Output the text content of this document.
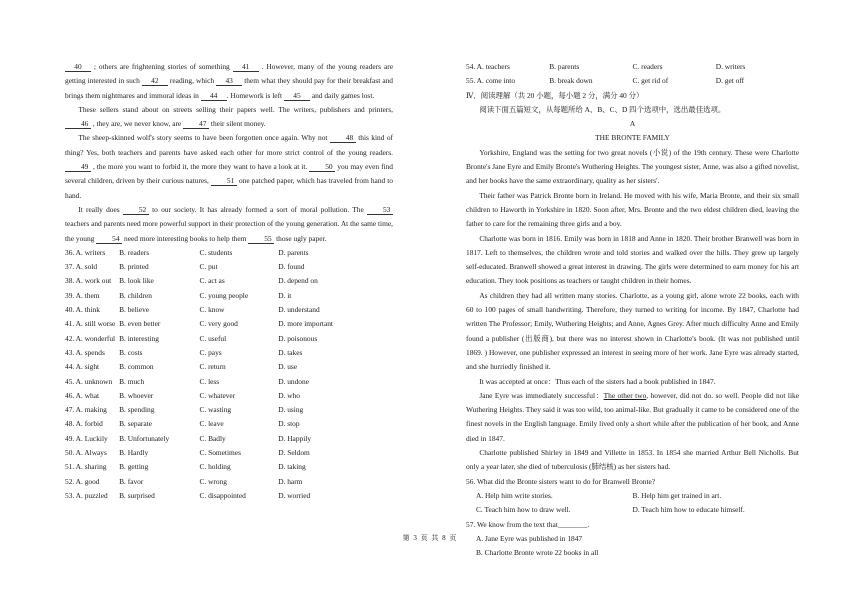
40 ; others are frightening stories of something 41 . However, many of the young readers are getting interested in such 42 reading, which 43 them what they should pay for their breakfast and brings them nightmares and immoral ideas in 44 . Homework is left 45 and daily games lost.

These sellers stand about on streets selling their papers well. The writers, publishers and printers, 46 , they are, we never know, are 47 their silent money.

The sheep-skinned wolf's story seems to have been forgotten once again. Why not 48 this kind of thing? Yes, both teachers and parents have asked each other for more strict control of the young readers. 49 , the more you want to forbid it, the more they want to have a look at it. 50 you may even find several children, driven by their curious natures, 51 one patched paper, which has traveled from hand to hand.

It really does 52 to our society. It has already formed a sort of moral pollution. The 53 teachers and parents need more powerful support in their protection of the young generation. At the same time, the young 54 need more interesting books to help them 55 those ugly paper.

36. A. writers	B. readers	C. students	D. parents
37. A. sold	B. printed	C. put	D. found
38. A. work out	B. look like	C. act as	D. depend on
39. A. them	B. children	C. young people	D. it
40. A. think	B. believe	C. know	D. understand
41. A. still worse B. even better	C. very good	D. more important
42. A. wonderful B. interesting	C. useful	D. poisonous
43. A. spends	B. costs	C. pays	D. takes
44. A. sight	B. common	C. return	D. use
45. A. unknown B. much	C. less	D. undone
46. A. what	B. whoever	C. whatever	D. who
47. A. making	B. spending	C. wasting	D. using
48. A. forbid	B. separate	C. leave	D. stop
49. A. Luckily	B. Unfortunately	C. Badly	D. Happily
50. A. Always	B. Hardly	C. Sometimes	D. Seldom
51. A. sharing	B. getting	C. holding	D. taking
52. A. good	B. favor	C. wrong	D. harm
53. A. puzzled	B. surprised	C. disappointed	D. worried
54. A. teachers	B. parents	C. readers	D. writers
55. A. come into	B. break down	C. get rid of	D. get off

Ⅳ．阅读理解（共 20 小题，每小题 2 分，满分 40 分）

阅读下面五篇短文，从每题所给 A、B、C、D 四个选项中，选出最佳选项。

A

THE BRONTE FAMILY

Yorkshire, England was the setting for two great novels (小说) of the 19th century. These were Charlotte Bronte's Jane Eyre and Emily Bronte's Wuthering Heights. The youngest sister, Anne, was also a gifted novelist, and her books have the same extraordinary, quality as her sisters'.

Their father was Patrick Bronte born in Ireland. He moved with his wife, Maria Bronte, and their six small children to Haworth in Yorkshire in 1820. Soon after, Mrs. Bronte and the two eldest children died, leaving the father to care for the remaining three girls and a boy.

Charlotte was born in 1816. Emily was born in 1818 and Anne in 1820. Their brother Branwell was born in 1817. Left to themselves, the children wrote and told stories and walked over the hills. They grew up largely self-educated. Branwell showed a great interest in drawing. The girls were determined to earn money for his art education. They took positions as teachers or taught children in their homes.

As children they had all written many stories. Charlotte, as a young girl, alone wrote 22 books, each with 60 to 100 pages of small handwriting. Therefore, they turned to writing for income. By 1847, Charlotte had written The Professor; Emily, Wuthering Heights; and Anne, Agnes Grey. After much difficulty Anne and Emily found a publisher (出版商), but there was no interest shown in Charlotte's book. (It was not published until 1869. ) However, one publisher expressed an interest in seeing more of her work. Jane Eyre was already started, and she hurriedly finished it.

It was accepted at once：Thus each of the sisters had a book published in 1847.

Jane Eyre was immediately successful：The other two, however, did not do. so well. People did not like Wuthering Heights. They said it was too wild, too animal-like. But gradually it came to be considered one of the finest novels in the English language. Emily lived only a short while after the publication of her book, and Anne died in 1847.

Charlotte published Shirley in 1849 and Villette in 1853. In 1854 she married Arthur Bell Nicholls. But only a year later, she died of tuberculosis (肺结核) as her sisters had.

56. What did the Bronte sisters want to do for Branwell Bronte?

A. Help him write stories.	B. Help him get trained in art.
C. Teach him how to draw well.	D. Teach him how to educate himself.

57. We know from the text that________.

A. Jane Eyre was published in 1847

B. Charlotte Bronte wrote 22 books in all

第 3 页 共 8 页
